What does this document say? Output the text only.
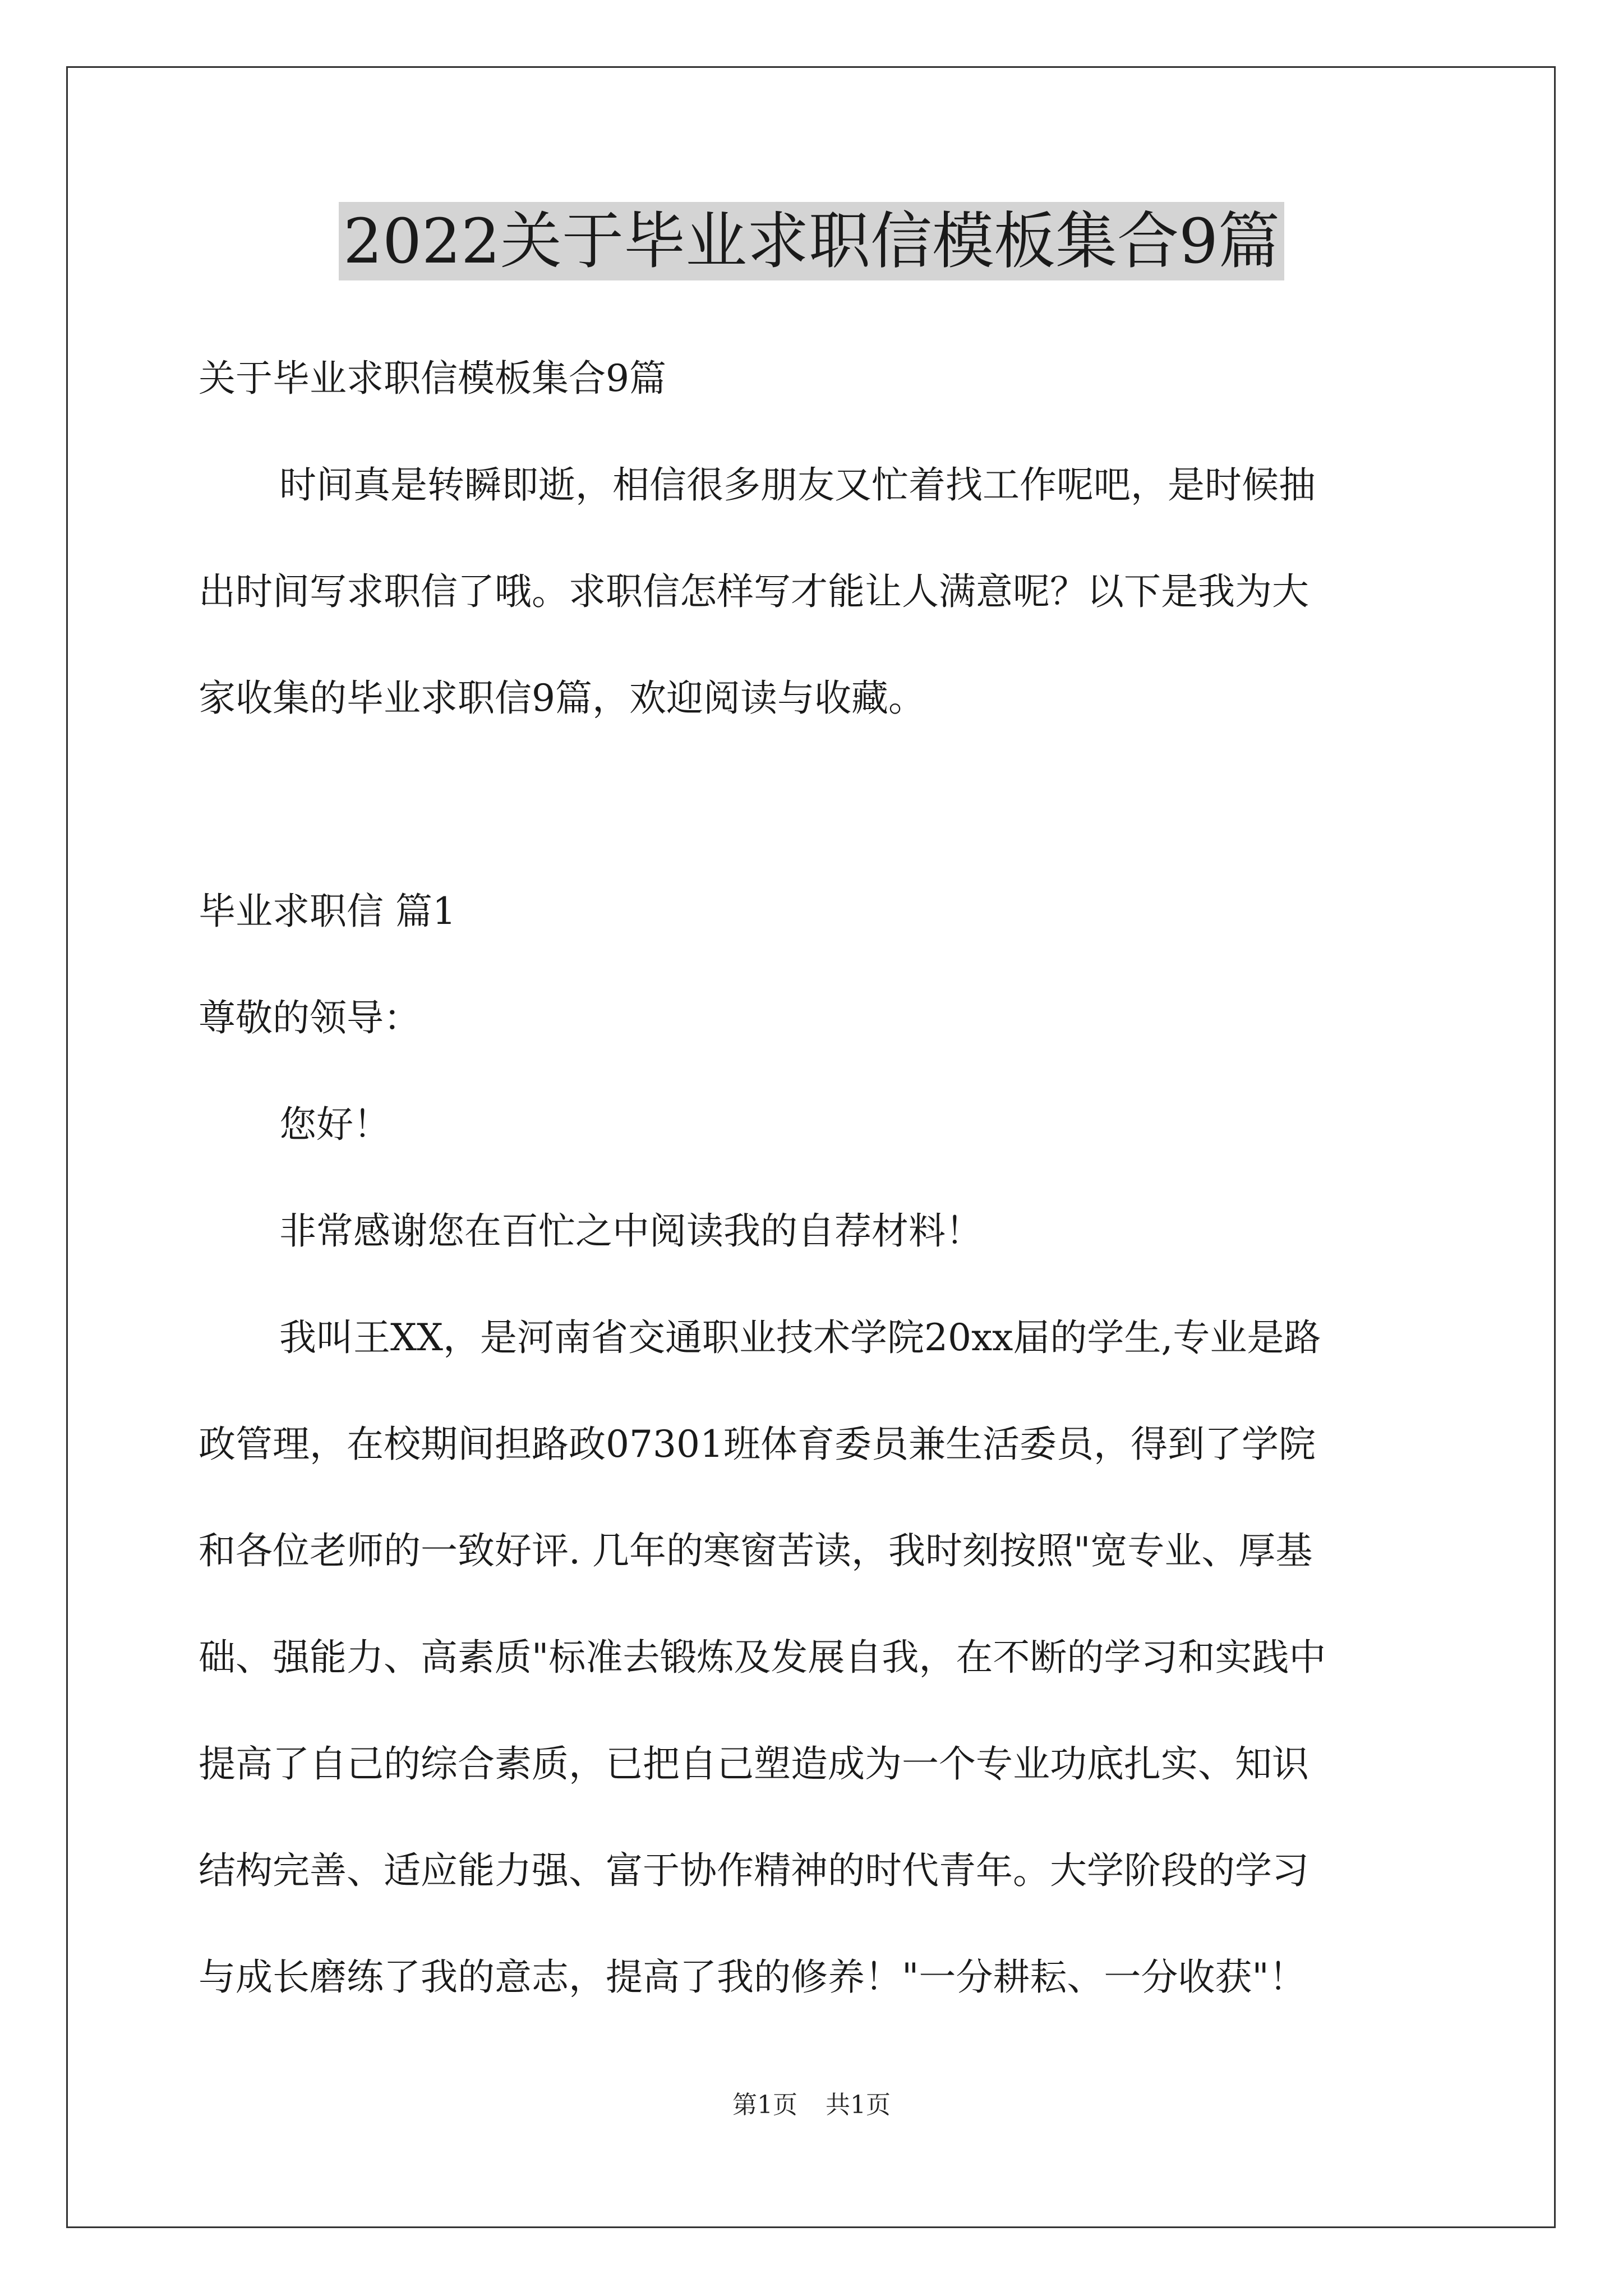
2022关于毕业求职信模板集合9篇
关于毕业求职信模板集合9篇
时间真是转瞬即逝，相信很多朋友又忙着找工作呢吧，是时候抽
出时间写求职信了哦。求职信怎样写才能让人满意呢？以下是我为大
家收集的毕业求职信9篇，欢迎阅读与收藏。
毕业求职信 篇1
尊敬的领导：
您好！
非常感谢您在百忙之中阅读我的自荐材料！
我叫王XX，是河南省交通职业技术学院20xx届的学生,专业是路
政管理，在校期间担路政07301班体育委员兼生活委员，得到了学院
和各位老师的一致好评. 几年的寒窗苦读，我时刻按照"宽专业、厚基
础、强能力、高素质"标准去锻炼及发展自我，在不断的学习和实践中
提高了自己的综合素质，已把自己塑造成为一个专业功底扎实、知识
结构完善、适应能力强、富于协作精神的时代青年。大学阶段的学习
与成长磨练了我的意志，提高了我的修养！"一分耕耘、一分收获"！
第1页 共1页
